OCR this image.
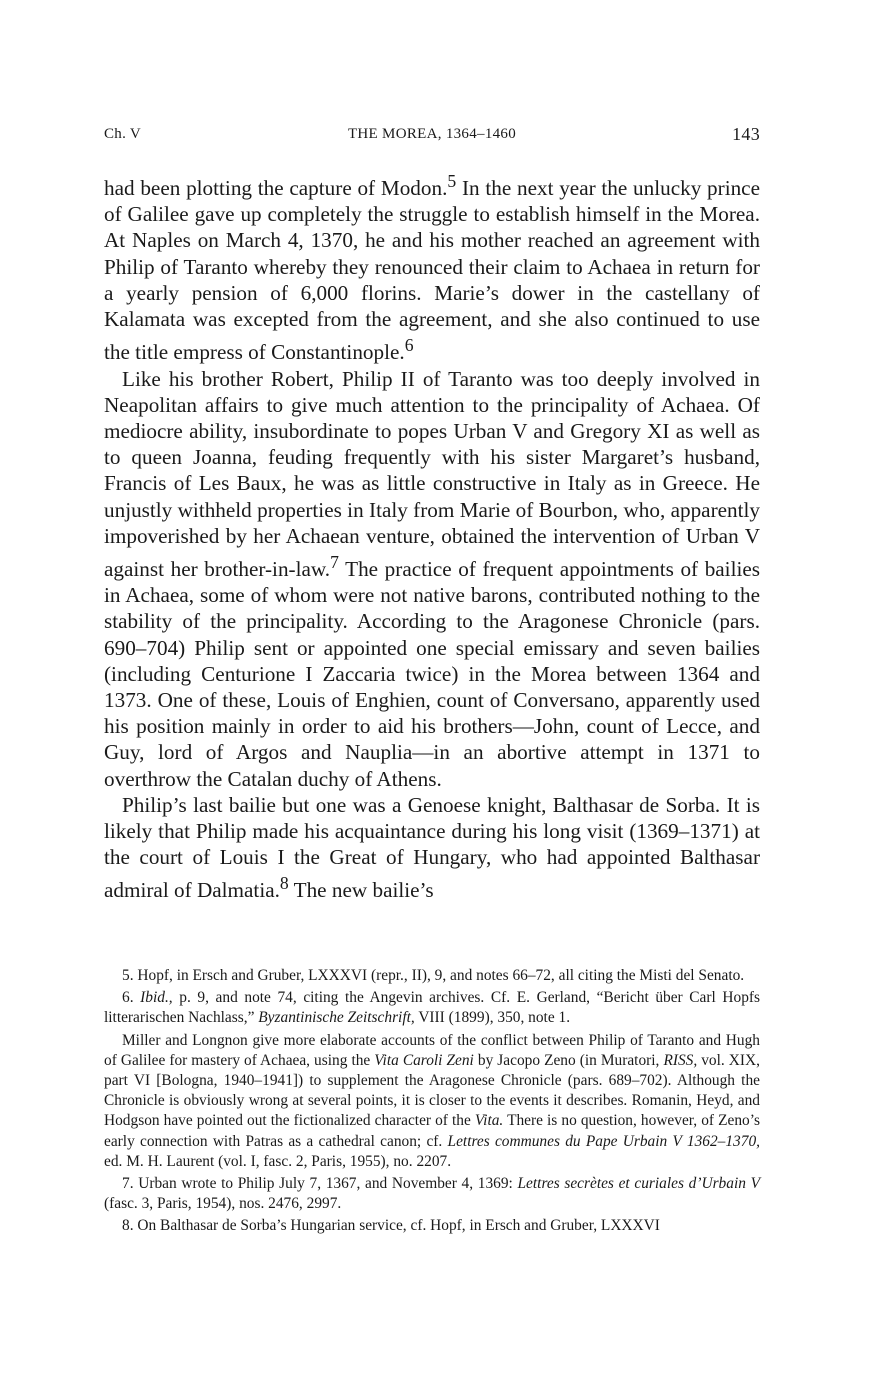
Ch. V	THE MOREA, 1364–1460	143

had been plotting the capture of Modon.$^5$ In the next year the unlucky prince of Galilee gave up completely the struggle to establish himself in the Morea. At Naples on March 4, 1370, he and his mother reached an agreement with Philip of Taranto whereby they renounced their claim to Achaea in return for a yearly pension of 6,000 florins. Marie’s dower in the castellany of Kalamata was excepted from the agreement, and she also continued to use the title empress of Constantinople.$^6$

Like his brother Robert, Philip II of Taranto was too deeply involved in Neapolitan affairs to give much attention to the principality of Achaea. Of mediocre ability, insubordinate to popes Urban V and Gregory XI as well as to queen Joanna, feuding frequently with his sister Margaret’s husband, Francis of Les Baux, he was as little constructive in Italy as in Greece. He unjustly withheld properties in Italy from Marie of Bourbon, who, apparently impoverished by her Achaean venture, obtained the intervention of Urban V against her brother-in-law.$^7$ The practice of frequent appointments of bailies in Achaea, some of whom were not native barons, contributed nothing to the stability of the principality. According to the Aragonese Chronicle (pars. 690–704) Philip sent or appointed one special emissary and seven bailies (including Centurione I Zaccaria twice) in the Morea between 1364 and 1373. One of these, Louis of Enghien, count of Conversano, apparently used his position mainly in order to aid his brothers—John, count of Lecce, and Guy, lord of Argos and Nauplia—in an abortive attempt in 1371 to overthrow the Catalan duchy of Athens.

Philip’s last bailie but one was a Genoese knight, Balthasar de Sorba. It is likely that Philip made his acquaintance during his long visit (1369–1371) at the court of Louis I the Great of Hungary, who had appointed Balthasar admiral of Dalmatia.$^8$ The new bailie’s

5. Hopf, in Ersch and Gruber, LXXXVI (repr., II), 9, and notes 66–72, all citing the Misti del Senato.

6. Ibid., p. 9, and note 74, citing the Angevin archives. Cf. E. Gerland, “Bericht über Carl Hopfs litterarischen Nachlass,” Byzantinische Zeitschrift, VIII (1899), 350, note 1.

Miller and Longnon give more elaborate accounts of the conflict between Philip of Taranto and Hugh of Galilee for mastery of Achaea, using the Vita Caroli Zeni by Jacopo Zeno (in Muratori, RISS, vol. XIX, part VI [Bologna, 1940–1941]) to supplement the Aragonese Chronicle (pars. 689–702). Although the Chronicle is obviously wrong at several points, it is closer to the events it describes. Romanin, Heyd, and Hodgson have pointed out the fictionalized character of the Vita. There is no question, however, of Zeno’s early connection with Patras as a cathedral canon; cf. Lettres communes du Pape Urbain V 1362–1370, ed. M. H. Laurent (vol. I, fasc. 2, Paris, 1955), no. 2207.

7. Urban wrote to Philip July 7, 1367, and November 4, 1369: Lettres secrètes et curiales d’Urbain V (fasc. 3, Paris, 1954), nos. 2476, 2997.

8. On Balthasar de Sorba’s Hungarian service, cf. Hopf, in Ersch and Gruber, LXXXVI
